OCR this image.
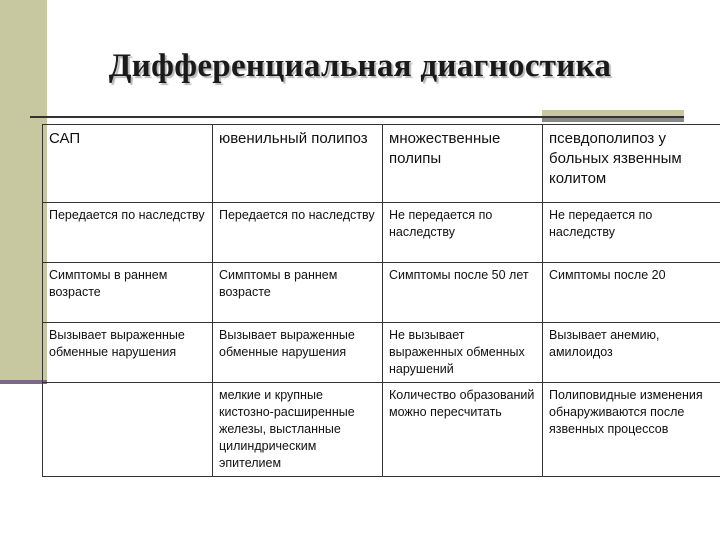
Дифференциальная диагностика
САП	ювенильный полипоз	множественные полипы	псевдополипоз у больных язвенным колитом
Передается по наследству	Передается по наследству	Не передается по наследству	Не передается по наследству
Симптомы в раннем возрасте	Симптомы в раннем возрасте	Симптомы после 50 лет	Симптомы после 20
Вызывает выраженные обменные нарушения	Вызывает выраженные обменные нарушения	Не вызывает выраженных обменных нарушений	Вызывает анемию, амилоидоз
	мелкие и крупные кистозно-расширенные железы, выстланные цилиндрическим эпителием	Количество образований можно пересчитать	Полиповидные изменения обнаруживаются после язвенных процессов
